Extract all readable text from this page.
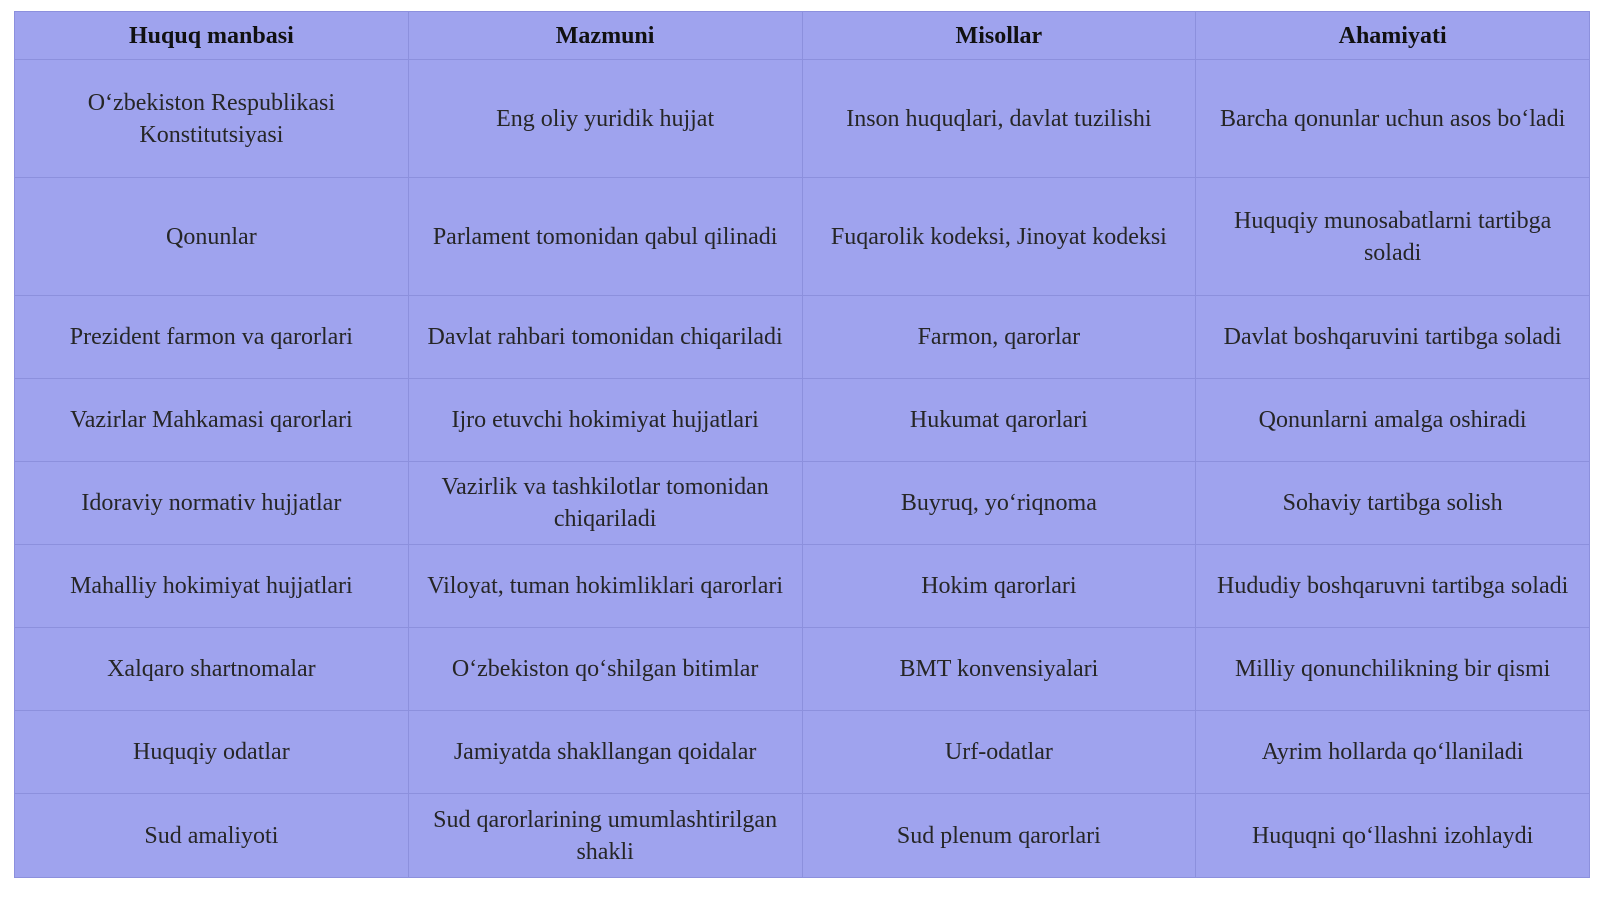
Huquq manbasi	Mazmuni	Misollar	Ahamiyati
O‘zbekiston Respublikasi Konstitutsiyasi	Eng oliy yuridik hujjat	Inson huquqlari, davlat tuzilishi	Barcha qonunlar uchun asos bo‘ladi
Qonunlar	Parlament tomonidan qabul qilinadi	Fuqarolik kodeksi, Jinoyat kodeksi	Huquqiy munosabatlarni tartibga soladi
Prezident farmon va qarorlari	Davlat rahbari tomonidan chiqariladi	Farmon, qarorlar	Davlat boshqaruvini tartibga soladi
Vazirlar Mahkamasi qarorlari	Ijro etuvchi hokimiyat hujjatlari	Hukumat qarorlari	Qonunlarni amalga oshiradi
Idoraviy normativ hujjatlar	Vazirlik va tashkilotlar tomonidan chiqariladi	Buyruq, yo‘riqnoma	Sohaviy tartibga solish
Mahalliy hokimiyat hujjatlari	Viloyat, tuman hokimliklari qarorlari	Hokim qarorlari	Hududiy boshqaruvni tartibga soladi
Xalqaro shartnomalar	O‘zbekiston qo‘shilgan bitimlar	BMT konvensiyalari	Milliy qonunchilikning bir qismi
Huquqiy odatlar	Jamiyatda shakllangan qoidalar	Urf-odatlar	Ayrim hollarda qo‘llaniladi
Sud amaliyoti	Sud qarorlarining umumlashtirilgan shakli	Sud plenum qarorlari	Huquqni qo‘llashni izohlaydi
